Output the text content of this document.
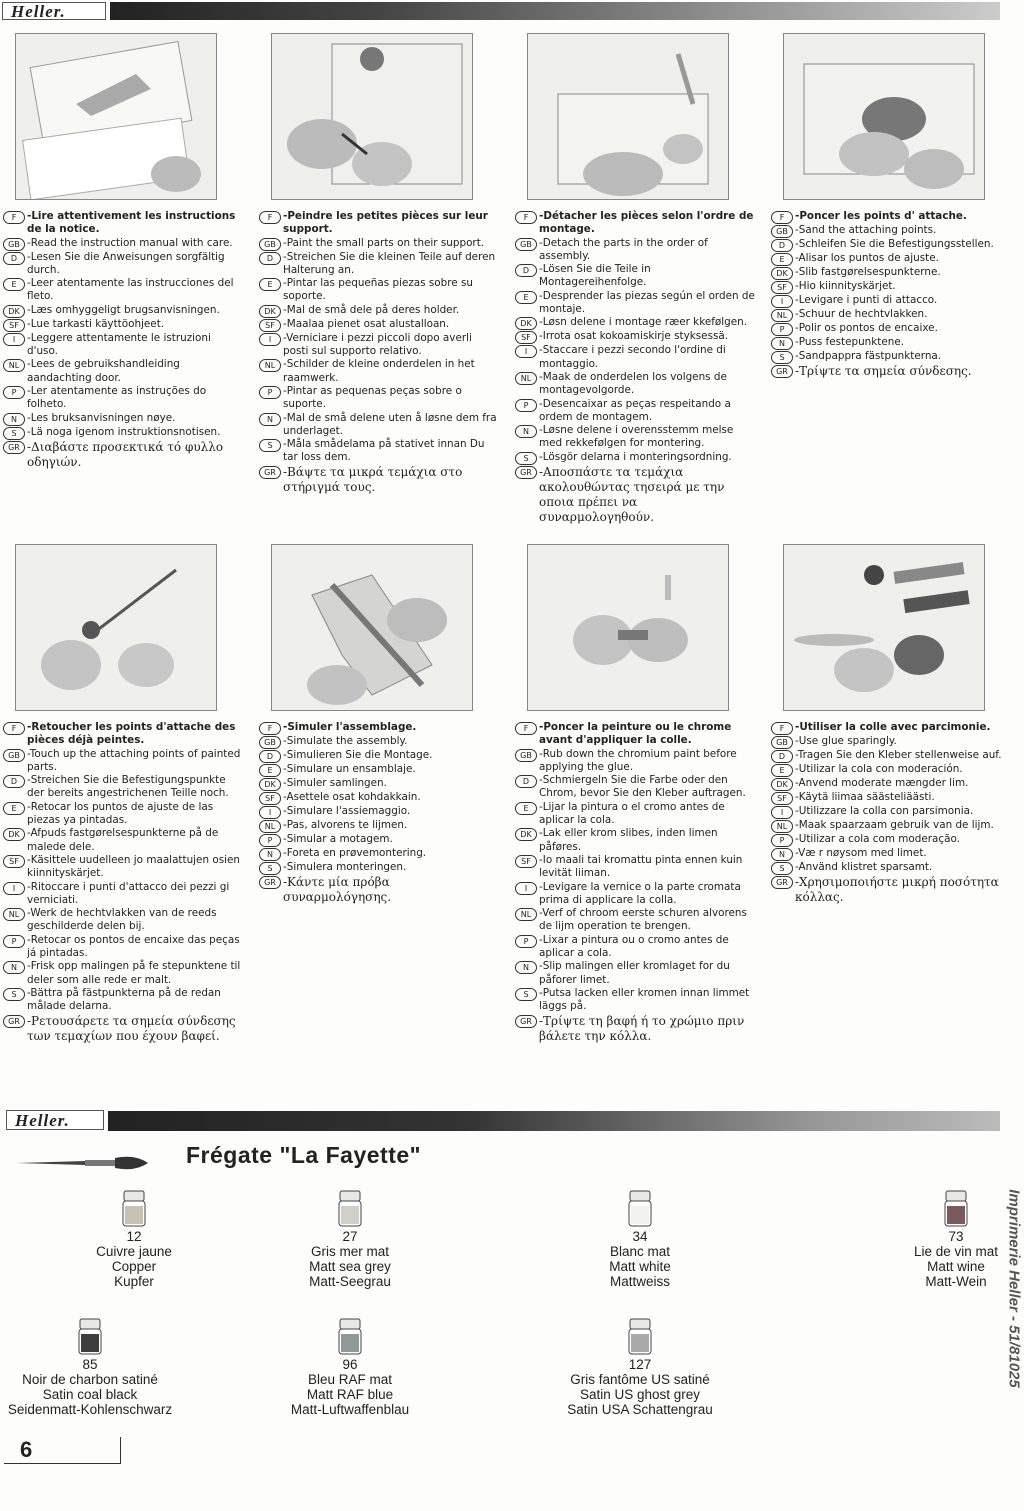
Heller.
F	-Lire attentivement les instructions de la notice.
GB -Read the instruction manual with care.
D -Lesen Sie die Anweisungen sorgfältig durch.
E	-Leer atentamente las instrucciones del fleto.
DK -Læs omhyggeligt brugsanvisningen.
SF -Lue tarkasti käyttöohjeet.
I	-Leggere attentamente le istruzioni d'uso.
NL -Lees de gebruikshandleiding aandachting door.
P	-Ler atentamente as instruções do folheto.
N -Les bruksanvisningen nøye.
S	-Lä noga igenom instruktionsnotisen.
GR -Διαβάστε προσεκτικά τό φυλλο οδηγιών.
F	-Peindre les petites pièces sur leur support.
GB -Paint the small parts on their support.
D -Streichen Sie die kleinen Teile auf deren Halterung an.
E	-Pintar las pequeñas piezas sobre su soporte.
DK -Mal de små dele på deres holder.
SF -Maalaa pienet osat alustalloan.
I	-Verniciare i pezzi piccoli dopo averli posti sul supporto relativo.
NL -Schilder de kleine onderdelen in het raamwerk.
P	-Pintar as pequenas peças sobre o suporte.
N -Mal de små delene uten å løsne dem fra underlaget.
S	-Måla smådelama på stativet innan Du tar loss dem.
GR -Βάψτε τα μικρά τεμάχια στο στήριγμά τους.
F	-Détacher les pièces selon l'ordre de montage.
GB -Detach the parts in the order of assembly.
D -Lösen Sie die Teile in Montagereihenfolge.
E	-Desprender las piezas según el orden de montaje.
DK -Løsn delene i montage ræer kkefølgen.
SF -Irrota osat kokoamiskirje styksessä.
I	-Staccare i pezzi secondo l'ordine di montaggio.
NL -Maak de onderdelen los volgens de montagevolgorde.
P	-Desencaixar as peças respeitando a ordem de montagem.
N -Løsne delene i overensstemm melse med rekkefølgen for montering.
S	-Lösgör delarna i monteringsordning.
GR -Αποσπάστε τα τεμάχια ακολουθώντας τησειρά με την οποια πρέπει να συναρμολογηθούν.
F	-Poncer les points d' attache.
GB -Sand the attaching points.
D -Schleifen Sie die Befestigungsstellen.
E	-Alisar los puntos de ajuste.
DK -Slib fastgørelsespunkterne.
SF -Hio kiinnityskärjet.
I	-Levigare i punti di attacco.
NL -Schuur de hechtvlakken.
P	-Polir os pontos de encaixe.
N -Puss festepunktene.
S	-Sandpappra fästpunkterna.
GR -Τρίψτε τα σημεία σύνδεσης.
F	-Retoucher les points d'attache des pièces déjà peintes.
GB -Touch up the attaching points of painted parts.
D -Streichen Sie die Befestigungspunkte der bereits angestrichenen Teille noch.
E	-Retocar los puntos de ajuste de las piezas ya pintadas.
DK -Afpuds fastgørelsespunkterne på de malede dele.
SF -Käsittele uudelleen jo maalattujen osien kiinnityskärjet.
I	-Ritoccare i punti d'attacco dei pezzi gi verniciati.
NL -Werk de hechtvlakken van de reeds geschilderde delen bij.
P	-Retocar os pontos de encaixe das peças já pintadas.
N -Frisk opp malingen på fe stepunktene til deler som alle rede er malt.
S	-Bättra på fästpunkterna på de redan målade delarna.
GR -Ρετουσάρετε τα σημεία σύνδεσης των τεμαχίων που έχουν βαφεί.
F	-Simuler l'assemblage.
GB -Simulate the assembly.
D -Simulieren Sie die Montage.
E	-Simulare un ensamblaje.
DK -Simuler samlingen.
SF -Asettele osat kohdakkain.
I	-Simulare l'assiemaggio.
NL -Pas, alvorens te lijmen.
P	-Simular a motagem.
N -Foreta en prøvemontering.
S	-Simulera monteringen.
GR -Κάντε μία πρόβα συναρμολόγησης.
F	-Poncer la peinture ou le chrome avant d'appliquer la colle.
GB -Rub down the chromium paint before applying the glue.
D -Schmiergeln Sie die Farbe oder den Chrom, bevor Sie den Kleber auftragen.
E	-Lijar la pintura o el cromo antes de aplicar la cola.
DK -Lak eller krom slibes, inden limen påføres.
SF -Io maali tai kromattu pinta ennen kuin levität liiman.
I	-Levigare la vernice o la parte cromata prima di applicare la colla.
NL -Verf of chroom eerste schuren alvorens de lijm operation te brengen.
P	-Lixar a pintura ou o cromo antes de aplicar a cola.
N -Slip malingen eller kromlaget for du påforer limet.
S	-Putsa lacken eller kromen innan limmet läggs på.
GR -Τρίψτε τη βαφή ή το χρώμιο πριν βάλετε την κόλλα.
F	-Utiliser la colle avec parcimonie.
GB -Use glue sparingly.
D -Tragen Sie den Kleber stellenweise auf.
E	-Utilizar la cola con moderación.
DK -Anvend moderate mængder lim.
SF -Käytä liimaa säästeliäästi.
I	-Utilizzare la colla con parsimonia.
NL -Maak spaarzaam gebruik van de lijm.
P	-Utilizar a cola com moderação.
N -Væ r nøysom med limet.
S	-Använd klistret sparsamt.
GR -Χρησιμοποιήστε μικρή ποσότητα κόλλας.
Heller.
Frégate "La Fayette"
12
Cuivre jaune
Copper
Kupfer
27
Gris mer mat
Matt sea grey
Matt-Seegrau
34
Blanc mat
Matt white
Mattweiss
73
Lie de vin mat
Matt wine
Matt-Wein
85
Noir de charbon satiné
Satin coal black
Seidenmatt-Kohlenschwarz
96
Bleu RAF mat
Matt RAF blue
Matt-Luftwaffenblau
127
Gris fantôme US satiné
Satin US ghost grey
Satin USA Schattengrau
Imprimerie Heller - 51/81025
6
